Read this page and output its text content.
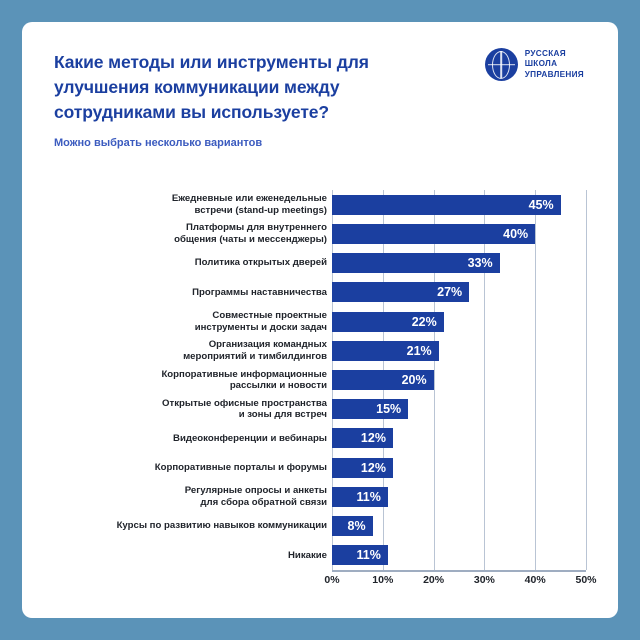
Какие методы или инструменты для улучшения коммуникации между сотрудниками вы используете?
Можно выбрать несколько вариантов
РУССКАЯ
ШКОЛА
УПРАВЛЕНИЯ
Ежедневные или еженедельные
встречи (stand-up meetings)
Платформы для внутреннего
общения (чаты и мессенджеры)
Политика открытых дверей
Программы наставничества
Совместные проектные
инструменты и доски задач
Организация командных
мероприятий и тимбилдингов
Корпоративные информационные
рассылки и новости
Открытые офисные пространства
и зоны для встреч
Видеоконференции и вебинары
Корпоративные порталы и форумы
Регулярные опросы и анкеты
для сбора обратной связи
Курсы по развитию навыков коммуникации
Никакие
45%
40%
33%
27%
22%
21%
20%
15%
12%
12%
11%
8%
11%
0%	10%	20%	30%	40%	50%
